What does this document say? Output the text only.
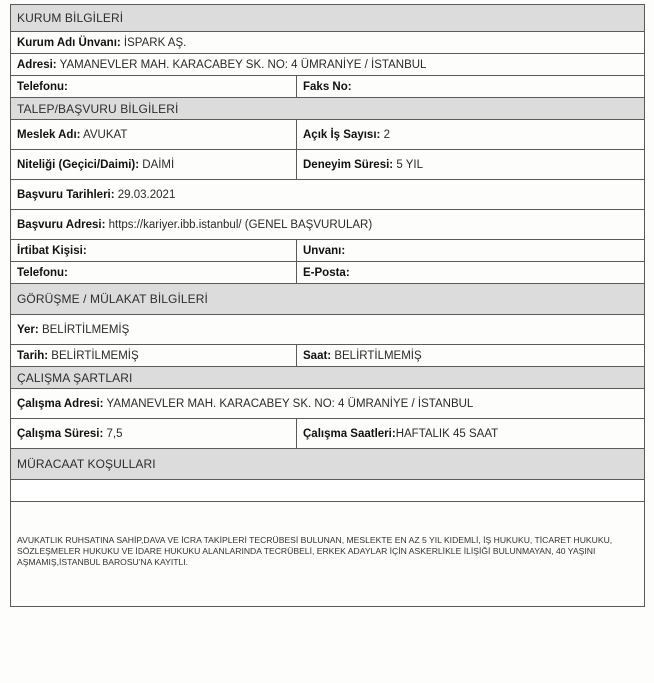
KURUM BİLGİLERİ	
Kurum Adı Ünvanı: İSPARK AŞ.	
Adresi: YAMANEVLER MAH. KARACABEY SK. NO: 4 ÜMRANİYE / İSTANBUL	
Telefonu:	Faks No:
TALEP/BAŞVURU BİLGİLERİ	
Meslek Adı: AVUKAT	Açık İş Sayısı: 2
Niteliği (Geçici/Daimi): DAİMİ	Deneyim Süresi: 5 YIL
Başvuru Tarihleri: 29.03.2021	
Başvuru Adresi: https://kariyer.ibb.istanbul/ (GENEL BAŞVURULAR)	
İrtibat Kişisi:	Unvanı:
Telefonu:	E-Posta:
GÖRÜŞME / MÜLAKAT BİLGİLERİ	
Yer: BELİRTİLMEMİŞ	
Tarih: BELİRTİLMEMİŞ	Saat: BELİRTİLMEMİŞ
ÇALIŞMA ŞARTLARI	
Çalışma Adresi: YAMANEVLER MAH. KARACABEY SK. NO: 4 ÜMRANİYE / İSTANBUL	
Çalışma Süresi: 7,5	Çalışma Saatleri:HAFTALIK 45 SAAT
MÜRACAAT KOŞULLARI	

AVUKATLIK RUHSATINA SAHİP,DAVA VE İCRA TAKİPLERİ TECRÜBESİ BULUNAN, MESLEKTE EN AZ 5 YIL KIDEMLİ, İŞ HUKUKU, TİCARET HUKUKU, SÖZLEŞMELER HUKUKU VE İDARE HUKUKU ALANLARINDA TECRÜBELİ, ERKEK ADAYLAR İÇİN ASKERLİKLE İLİŞİĞİ BULUNMAYAN, 40 YAŞINI AŞMAMIŞ,İSTANBUL BAROSU'NA KAYITLI.	
